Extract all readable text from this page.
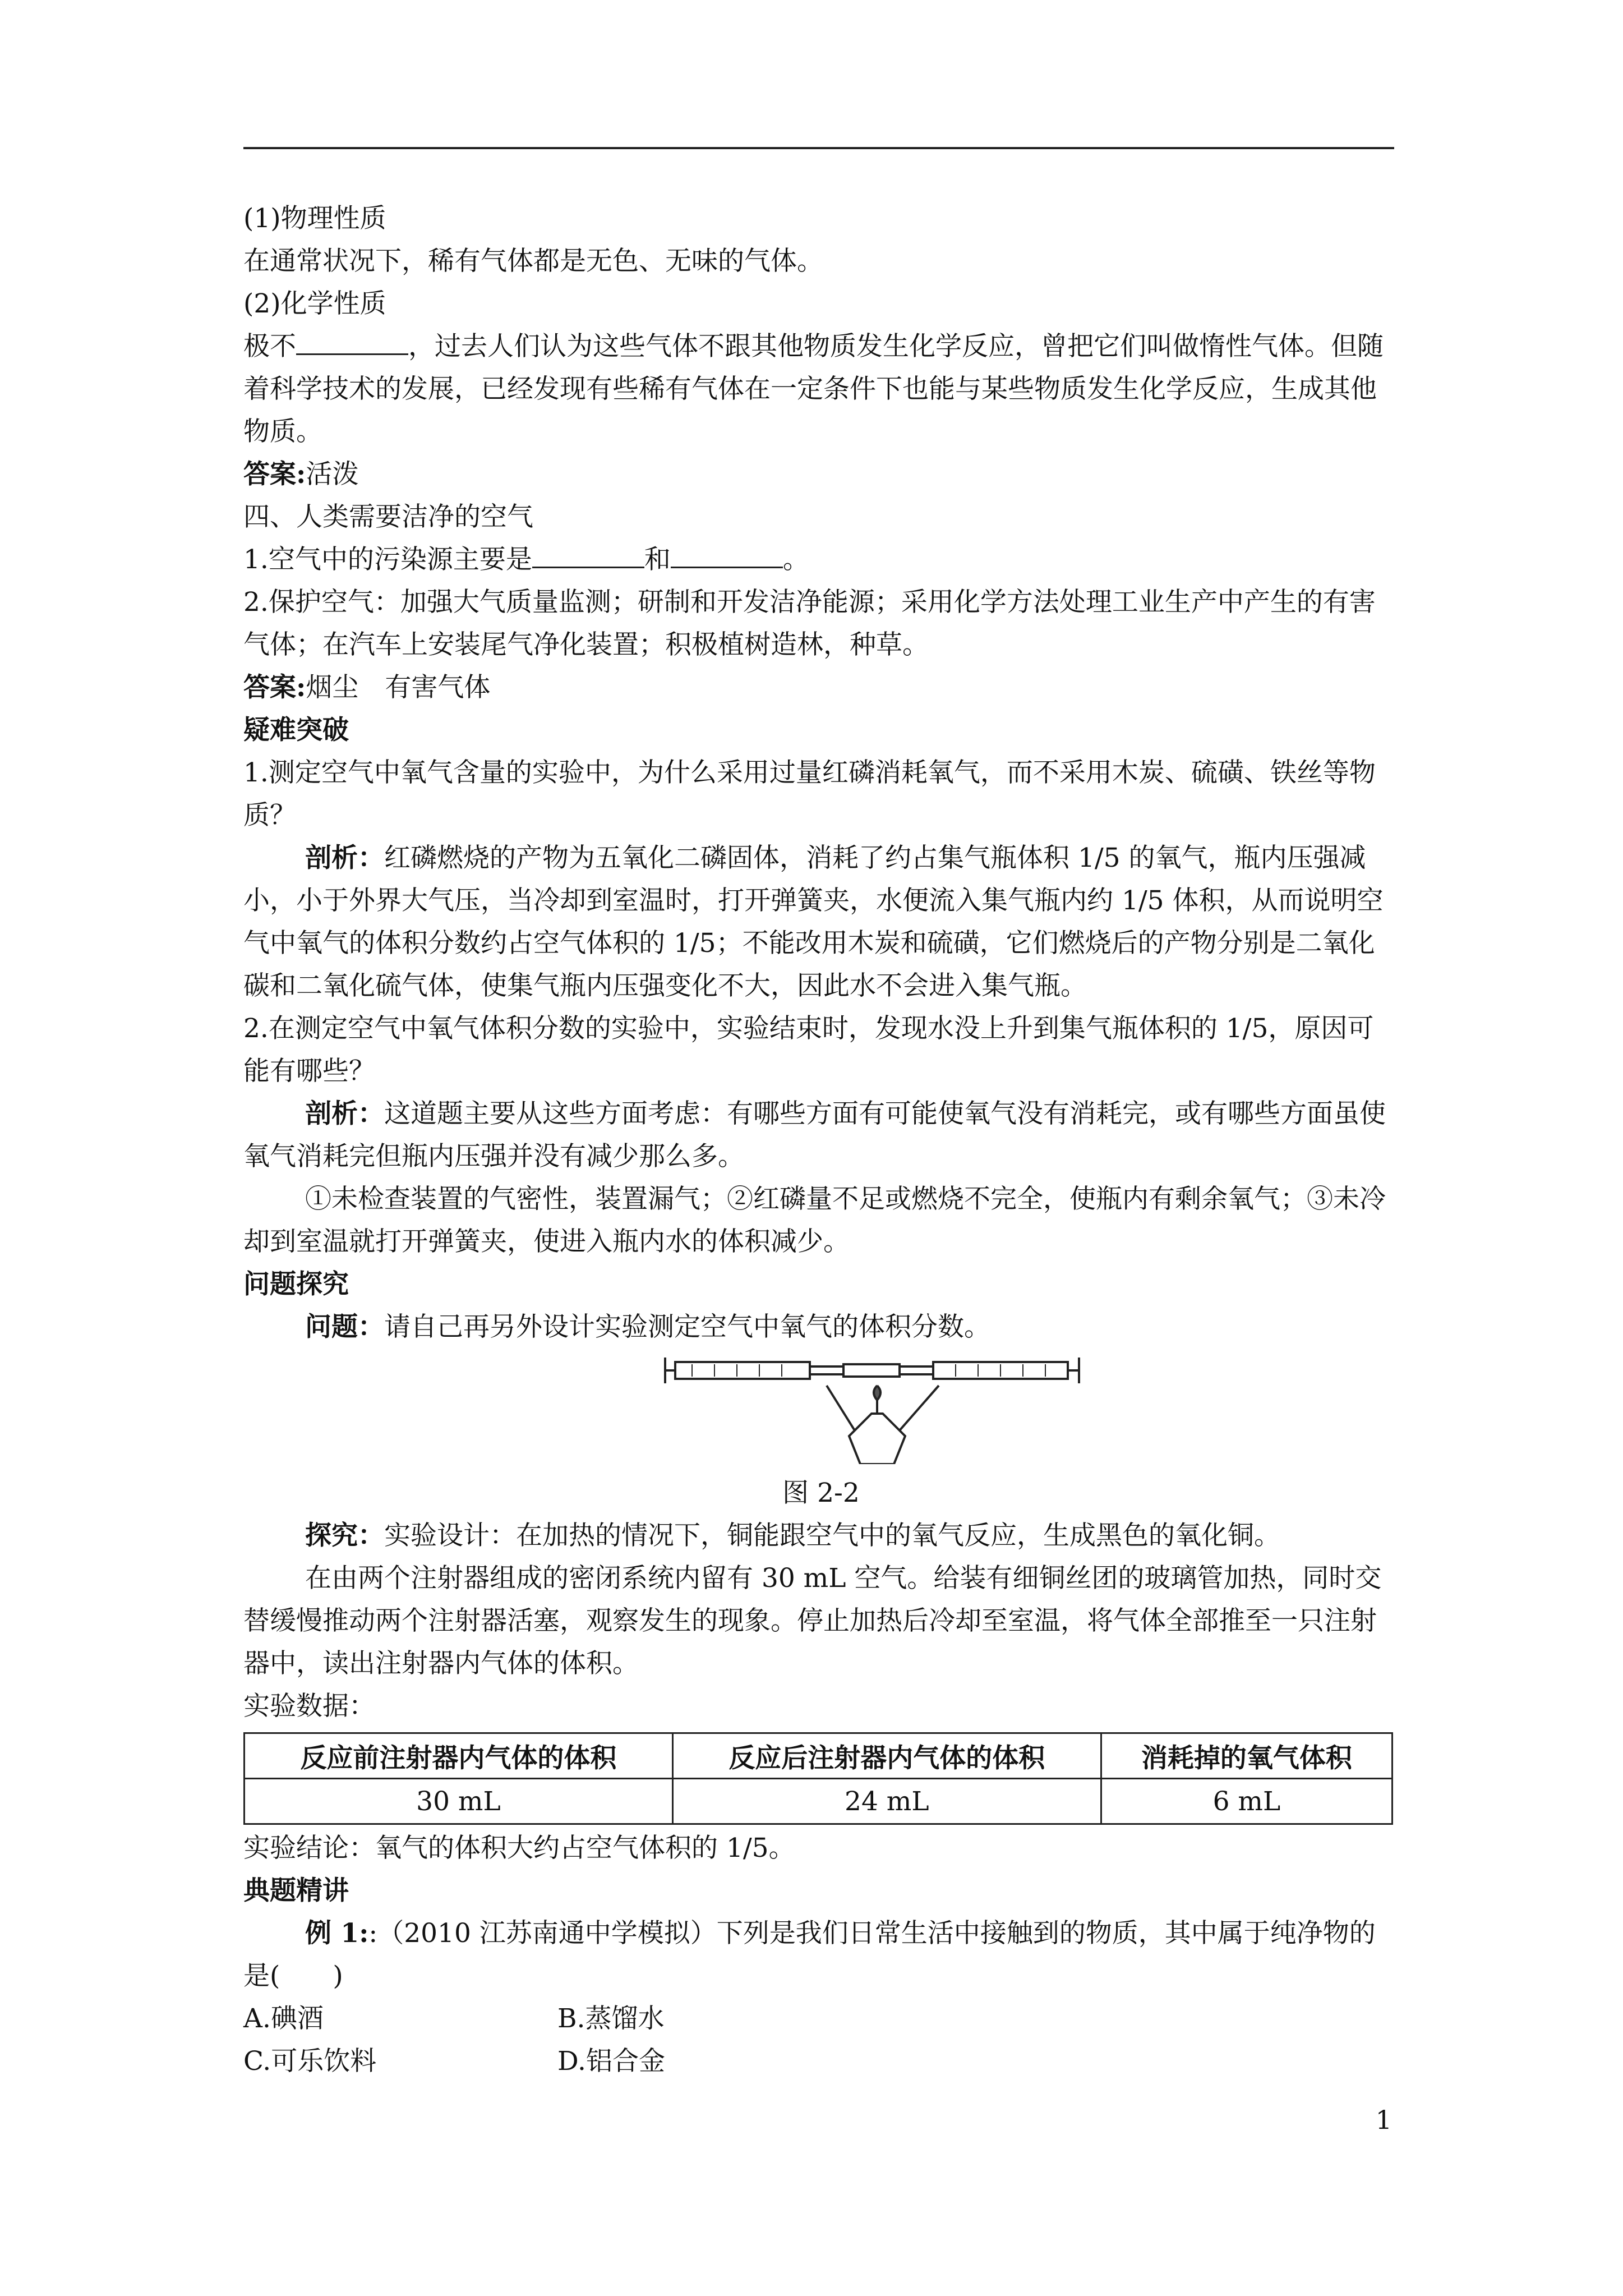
(1)物理性质

在通常状况下，稀有气体都是无色、无味的气体。

(2)化学性质

极不	，过去人们认为这些气体不跟其他物质发生化学反应，曾把它们叫做惰性气体。但随着科学技术的发展，已经发现有些稀有气体在一定条件下也能与某些物质发生化学反应，生成其他物质。

答案:活泼

四、人类需要洁净的空气

1.空气中的污染源主要是	和	。

2.保护空气：加强大气质量监测；研制和开发洁净能源；采用化学方法处理工业生产中产生的有害气体；在汽车上安装尾气净化装置；积极植树造林，种草。

答案:烟尘　有害气体

疑难突破

1.测定空气中氧气含量的实验中，为什么采用过量红磷消耗氧气，而不采用木炭、硫磺、铁丝等物质？

剖析：红磷燃烧的产物为五氧化二磷固体，消耗了约占集气瓶体积 1/5 的氧气，瓶内压强减小，小于外界大气压，当冷却到室温时，打开弹簧夹，水便流入集气瓶内约 1/5 体积，从而说明空气中氧气的体积分数约占空气体积的 1/5；不能改用木炭和硫磺，它们燃烧后的产物分别是二氧化碳和二氧化硫气体，使集气瓶内压强变化不大，因此水不会进入集气瓶。

2.在测定空气中氧气体积分数的实验中，实验结束时，发现水没上升到集气瓶体积的 1/5，原因可能有哪些？

剖析：这道题主要从这些方面考虑：有哪些方面有可能使氧气没有消耗完，或有哪些方面虽使氧气消耗完但瓶内压强并没有减少那么多。

①未检查装置的气密性，装置漏气；②红磷量不足或燃烧不完全，使瓶内有剩余氧气；③未冷却到室温就打开弹簧夹，使进入瓶内水的体积减少。

问题探究

问题：请自己再另外设计实验测定空气中氧气的体积分数。

图 2-2

探究：实验设计：在加热的情况下，铜能跟空气中的氧气反应，生成黑色的氧化铜。

在由两个注射器组成的密闭系统内留有 30 mL 空气。给装有细铜丝团的玻璃管加热，同时交替缓慢推动两个注射器活塞，观察发生的现象。停止加热后冷却至室温，将气体全部推至一只注射器中，读出注射器内气体的体积。

实验数据：

反应前注射器内气体的体积	反应后注射器内气体的体积	消耗掉的氧气体积
30 mL	24 mL	6 mL

实验结论：氧气的体积大约占空气体积的 1/5。

典题精讲

例 1::（2010 江苏南通中学模拟）下列是我们日常生活中接触到的物质，其中属于纯净物的是(　　)

A.碘酒	B.蒸馏水

C.可乐饮料	D.铝合金

1
